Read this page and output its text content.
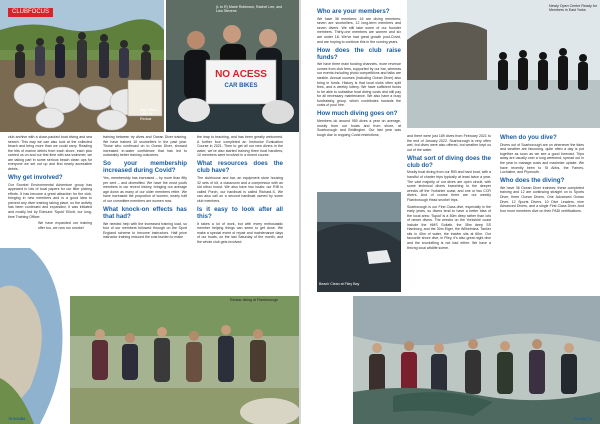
CLUBFOCUS
Big Catch – Litter in Redcar
NO ACESS
CAR BIKES
(L to R) Marie Robinson, Rachel Lee, and Lisa Stevens

club archive with a close-packed boat diving and sea search. This way we can also look at the collected beach and bring more than we could carry. Reading the bits of marine debris from each shore, each pick carried us on and our first time with sea swimmer, we are taking part in some serious beach clean ups for everyone we set out up and find nearly accessible debris.

Why get involved?

Our Snorkel Environmental Adventure group has appeared in lots of local papers for our litter picking efforts. It has become a great attraction for the club, bringing in new members and is a good idea to prevent any diver training taking place, so the activity has been continued and expanded; it was initiated and mostly led by Edmund 'Squid' Elliott, our long-time Training Officer.

We have expanded our training offer too, we now run snorkel

training between try dives and Ocean Diver training. We have trained 10 snorkellers in the past year. Those who continued on to Ocean Diver, showed increased in-water confidence that has led to noticeably better training outcomes.

So your membership increased during Covid?

Yes, membership has increased – by more than fifty per cent – and diversified. We have the most youth members in our recent history, bringing our average age down as many of our older members retire. We have increased the proportion of women, nearly half of our committee members are women now.

What knock-on effects has that had?

We needed help with the increased training load, so four of our members followed through on the Sport England scheme to become instructors. Half price instructor training reduced the cost burden to make

the leap to teaching, and has been greatly welcomed. A further four completed an Instructor Evaluation Course in 2021. Then to get all our new divers in the water, we've also started training three boat handlers; 10 members were involved in a recent course.

What resources does the club have?

The clubhouse and bar, an equipment store housing 32 sets of kit, a classroom and a compressor with an old nitrox boost. We also have two boats: our RIB is called Porch, our hardboat is called Richard-S. We can also call on a second hardboat owned by some club members.

Is it easy to look after all this?

It takes a lot of work, but with every enthusiastic member helping things can seem to get done. We make a special event of repair and maintenance days of our boats, on the last Saturday of the month, and the whole club gets involved.

Redcar diving at Flamborough
78 SCUBA
Who are your members?

We have 36 members: 16 are diving members; seven are snorkellers, 12 long-term members and seven divers. We still take some of our founder members. Thirty-one members are women and six are under 18. We've had great growth post-Covid, and are hoping to continue this in the coming years.

How does the club raise funds?

We have three main funding channels, more revenue comes from club fees, supported by our bar, whereas our events including photo competitions and talks are sizable. Annual courses (including Ocean Diver) also bring in funds. History is that local clubs often split fees, and a weekly lottery. We have sufficient funds to be able to subsidise boat diving costs and still pay for all necessary maintenance. We also have a busy fundraising group, which contributes towards the costs of pool hire.

How much diving goes on?

Members do around 950 dives a year on average, mostly from our boats and from shore, at Scarborough and Bridlington. Our last year was tough due to ongoing Covid restrictions,

Beach Clean at Filey Bay

and there were just 189 dives from February 2021 to the end of January 2022. Scarborough is very often wet, but dives were also offered, but weather kept us out of the water.

What sort of diving does the club do?

Mostly boat diving from our RIB and hard boat, with a handful of charter trips typically at least twice a year. The vast majority of our dives are open circuit, with some technical divers branching to the deeper wrecks off the Yorkshire coast, and one or two CCR divers. And of course there are our weekly Flamborough Head snorkel trips.

Scarborough is our First Class dive, especially in the early years, so divers tend to have a better idea of the local area. 'Squid' is a 50m deep rather than lots of newer divers. The wrecks on the Yorkshire coast include the HMS Goliath, the 35m deep SS Hamborg, and the 30m Eiger, the Wilhelmina. Tanker sits in 40m of water, the trawler sits at 60m. Our favourite shore dive; in Filey, it's also great night dive and the snorkelling is not bad either. We have a thrivng local wildlife scene.

Newly Open Centre Ready for Members in East Yorks
When do you dive?

Divers out of Scarborough are on whenever the tides and weather are favouring, quite often a day is put together as soon as we see a good forecast. Trips away are usually over a long weekend, spread out in the year to manage costs and maximise uptake. We have recently been to St Abbs, the Farnes, Lochaline, and Plymouth.

Who does the diving?

We have 36 Ocean Diver trainees; these completed training and 12 are continuing straight on to Sports Diver, three Ocean Divers, One Advanced Ocean Diver, 12 Sports Divers, 10 Dive Leaders, nine Advanced Divers, and a single First Class Diver. And four more members dive on their PADI certifications.

SCUBA 79
